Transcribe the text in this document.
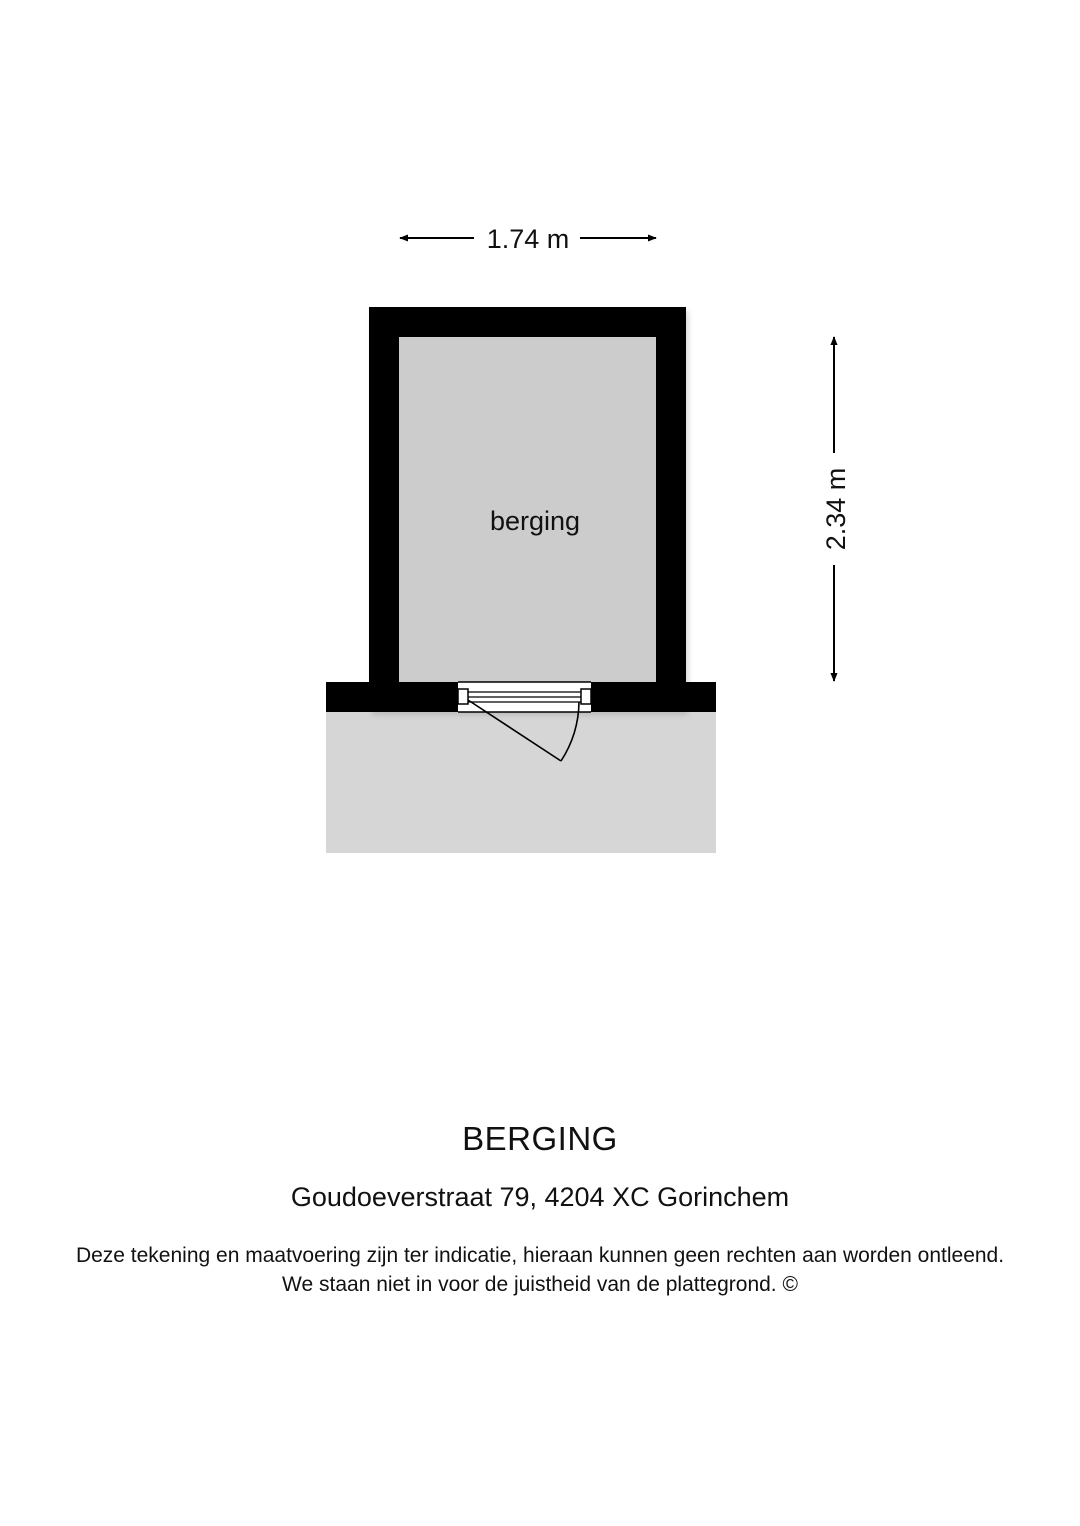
berging
1.74 m
2.34 m
BERGING
Goudoeverstraat 79, 4204 XC Gorinchem
Deze tekening en maatvoering zijn ter indicatie, hieraan kunnen geen rechten aan worden ontleend.
We staan niet in voor de juistheid van de plattegrond. ©
